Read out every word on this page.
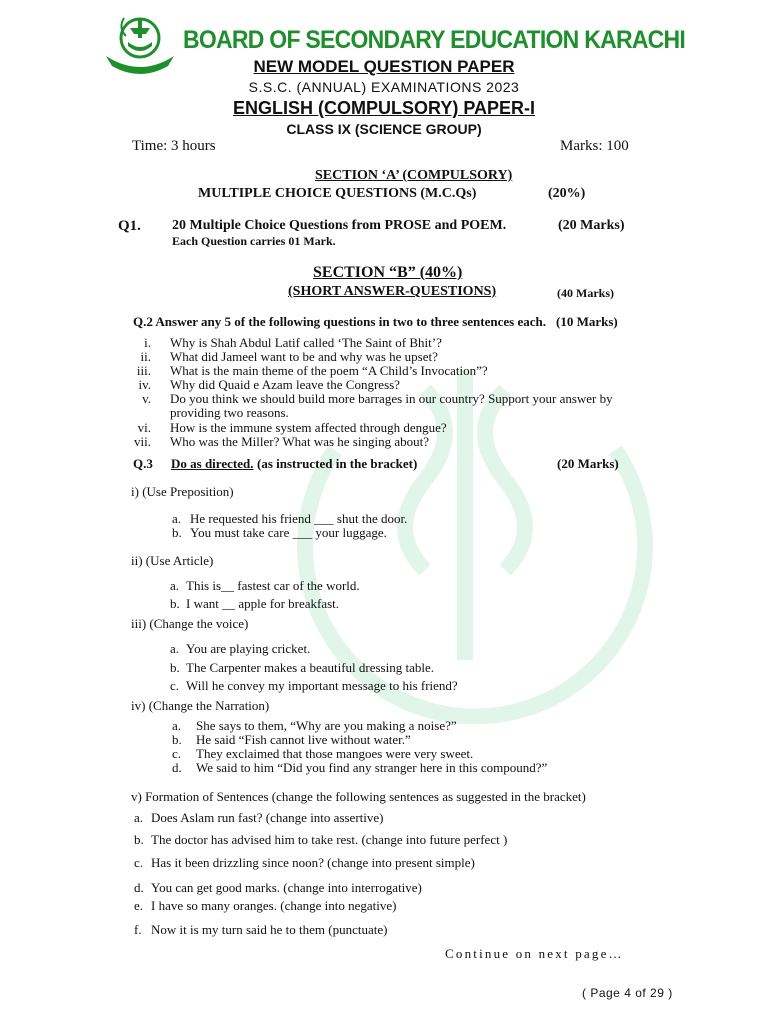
BOARD OF SECONDARY EDUCATION KARACHI
NEW MODEL QUESTION PAPER
S.S.C. (ANNUAL) EXAMINATIONS 2023
ENGLISH (COMPULSORY) PAPER-I
CLASS IX (SCIENCE GROUP)
Time: 3 hours	Marks: 100
SECTION ‘A’ (COMPULSORY)
MULTIPLE CHOICE QUESTIONS (M.C.Qs)	(20%)
Q1. 20 Multiple Choice Questions from PROSE and POEM.	(20 Marks)
Each Question carries 01 Mark.
SECTION “B” (40%)
(SHORT ANSWER-QUESTIONS)	(40 Marks)
Q.2 Answer any 5 of the following questions in two to three sentences each. (10 Marks)
i. Why is Shah Abdul Latif called ‘The Saint of Bhit’?
ii. What did Jameel want to be and why was he upset?
iii. What is the main theme of the poem “A Child’s Invocation”?
iv. Why did Quaid e Azam leave the Congress?
v. Do you think we should build more barrages in our country? Support your answer by
providing two reasons.
vi. How is the immune system affected through dengue?
vii. Who was the Miller? What was he singing about?
Q.3 Do as directed. (as instructed in the bracket)	(20 Marks)
i) (Use Preposition)
a. He requested his friend ___ shut the door.
b. You must take care ___ your luggage.
ii) (Use Article)
a. This is__ fastest car of the world.
b. I want __ apple for breakfast.
iii) (Change the voice)
a. You are playing cricket.
b. The Carpenter makes a beautiful dressing table.
c. Will he convey my important message to his friend?
iv) (Change the Narration)
a. She says to them, “Why are you making a noise?”
b. He said “Fish cannot live without water.”
c. They exclaimed that those mangoes were very sweet.
d. We said to him “Did you find any stranger here in this compound?”
v) Formation of Sentences (change the following sentences as suggested in the bracket)
a. Does Aslam run fast? (change into assertive)
b. The doctor has advised him to take rest. (change into future perfect )
c. Has it been drizzling since noon? (change into present simple)
d. You can get good marks. (change into interrogative)
e. I have so many oranges. (change into negative)
f. Now it is my turn said he to them (punctuate)
Continue on next page…
( Page 4 of 29 )
